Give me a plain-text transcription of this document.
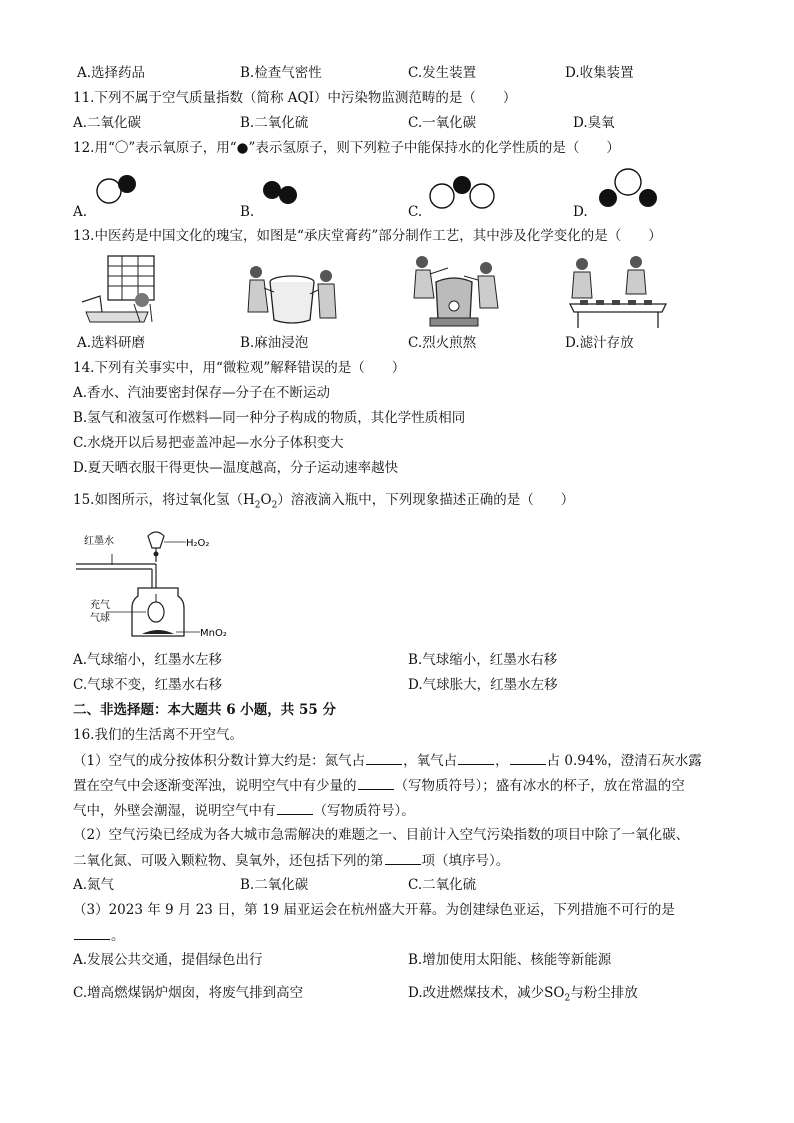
A.选择药品	B.检查气密性	C.发生装置	D.收集装置
11.下列不属于空气质量指数（简称 AQI）中污染物监测范畴的是（　　）
A.二氧化碳	B.二氧化硫	C.一氧化碳	D.臭氧
12.用“〇”表示氧原子，用“●”表示氢原子，则下列粒子中能保持水的化学性质的是（　　）
A.	B.	C.	D.
13.中医药是中国文化的瑰宝，如图是“承庆堂膏药”部分制作工艺，其中涉及化学变化的是（　　）
A.选料研磨	B.麻油浸泡	C.烈火煎熬	D.滤汁存放
14.下列有关事实中，用“微粒观”解释错误的是（　　）
A.香水、汽油要密封保存—分子在不断运动
B.氢气和液氢可作燃料—同一种分子构成的物质，其化学性质相同
C.水烧开以后易把壶盖冲起—水分子体积变大
D.夏天晒衣服干得更快—温度越高，分子运动速率越快
15.如图所示，将过氧化氢$(H_2O_2)$溶液滴入瓶中，下列现象描述正确的是（　　）
红墨水	H₂O₂
充气
气球
MnO₂
A.气球缩小，红墨水左移	B.气球缩小，红墨水右移
C.气球不变，红墨水右移	D.气球胀大，红墨水左移
二、非选择题：本大题共 6 小题，共 55 分
16.我们的生活离不开空气。
（1）空气的成分按体积分数计算大约是：氮气占	，氧气占	，	占 0.94%，澄清石灰水露
置在空气中会逐渐变浑浊，说明空气中有少量的	（写物质符号）；盛有冰水的杯子，放在常温的空
气中，外壁会潮湿，说明空气中有	（写物质符号）。
（2）空气污染已经成为各大城市急需解决的难题之一、目前计入空气污染指数的项目中除了一氧化碳、
二氧化氮、可吸入颗粒物、臭氧外，还包括下列的第	项（填序号）。
A.氮气	B.二氧化碳	C.二氧化硫
（3）2023 年 9 月 23 日，第 19 届亚运会在杭州盛大开幕。为创建绿色亚运，下列措施不可行的是
。
A.发展公共交通，提倡绿色出行	B.增加使用太阳能、核能等新能源
C.增高燃煤锅炉烟囱，将废气排到高空	D.改进燃煤技术，减少$SO_2$与粉尘排放
